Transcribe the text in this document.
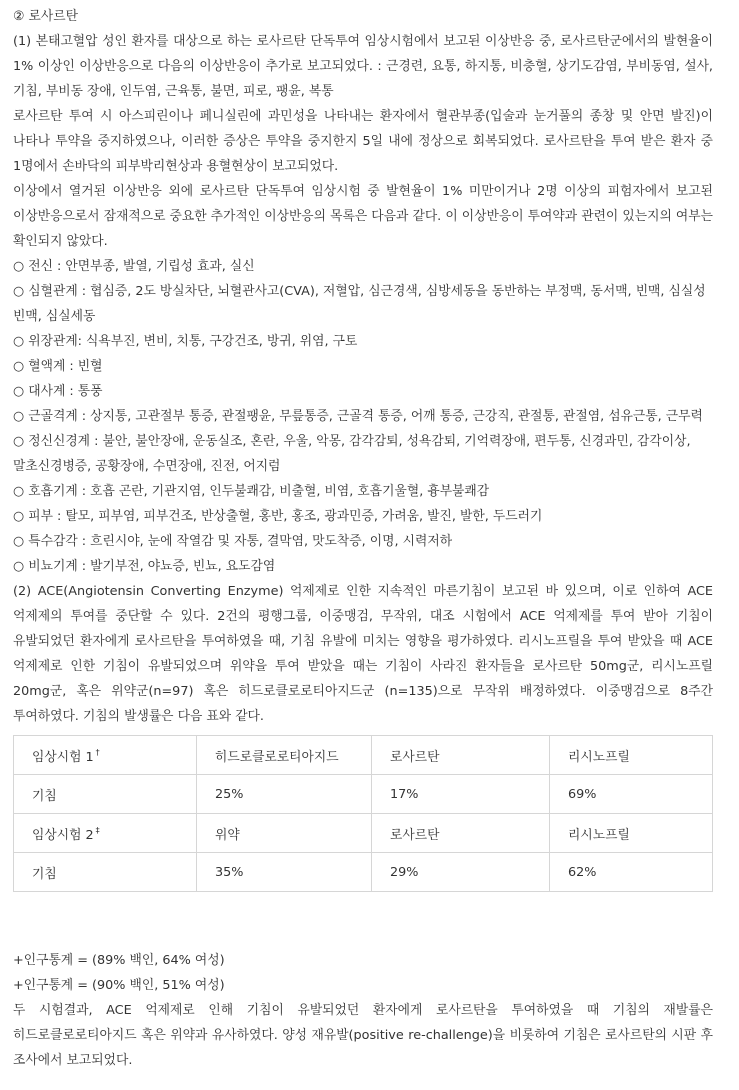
② 로사르탄

(1) 본태고혈압 성인 환자를 대상으로 하는 로사르탄 단독투여 임상시험에서 보고된 이상반응 중, 로사르탄군에서의 발현율이 1% 이상인 이상반응으로 다음의 이상반응이 추가로 보고되었다. : 근경련, 요통, 하지통, 비충혈, 상기도감염, 부비동염, 설사, 기침, 부비동 장애, 인두염, 근육통, 불면, 피로, 팽윤, 복통

로사르탄 투여 시 아스피린이나 페니실린에 과민성을 나타내는 환자에서 혈관부종(입술과 눈거풀의 종창 및 안면 발진)이 나타나 투약을 중지하였으나, 이러한 증상은 투약을 중지한지 5일 내에 정상으로 회복되었다. 로사르탄을 투여 받은 환자 중 1명에서 손바닥의 피부박리현상과 용혈현상이 보고되었다.

이상에서 열거된 이상반응 외에 로사르탄 단독투여 임상시험 중 발현율이 1% 미만이거나 2명 이상의 피험자에서 보고된 이상반응으로서 잠재적으로 중요한 추가적인 이상반응의 목록은 다음과 같다. 이 이상반응이 투여약과 관련이 있는지의 여부는 확인되지 않았다.

○ 전신 : 안면부종, 발열, 기립성 효과, 실신

○ 심혈관계 : 협심증, 2도 방실차단, 뇌혈관사고(CVA), 저혈압, 심근경색, 심방세동을 동반하는 부정맥, 동서맥, 빈맥, 심실성 빈맥, 심실세동

○ 위장관계: 식욕부진, 변비, 치통, 구강건조, 방귀, 위염, 구토

○ 혈액계 : 빈혈

○ 대사계 : 통풍

○ 근골격계 : 상지통, 고관절부 통증, 관절팽윤, 무릎통증, 근골격 통증, 어깨 통증, 근강직, 관절통, 관절염, 섬유근통, 근무력

○ 정신신경계 : 불안, 불안장애, 운동실조, 혼란, 우울, 악몽, 감각감퇴, 성욕감퇴, 기억력장애, 편두통, 신경과민, 감각이상, 말초신경병증, 공황장애, 수면장애, 진전, 어지럼

○ 호흡기계 : 호흡 곤란, 기관지염, 인두불쾌감, 비출혈, 비염, 호흡기울혈, 흉부불쾌감

○ 피부 : 탈모, 피부염, 피부건조, 반상출혈, 홍반, 홍조, 광과민증, 가려움, 발진, 발한, 두드러기

○ 특수감각 : 흐린시야, 눈에 작열감 및 자통, 결막염, 맛도착증, 이명, 시력저하

○ 비뇨기계 : 발기부전, 야뇨증, 빈뇨, 요도감염

(2) ACE(Angiotensin Converting Enzyme) 억제제로 인한 지속적인 마른기침이 보고된 바 있으며, 이로 인하여 ACE 억제제의 투여를 중단할 수 있다. 2건의 평행그룹, 이중맹검, 무작위, 대조 시험에서 ACE 억제제를 투여 받아 기침이 유발되었던 환자에게 로사르탄을 투여하였을 때, 기침 유발에 미치는 영향을 평가하였다. 리시노프릴을 투여 받았을 때 ACE 억제제로 인한 기침이 유발되었으며 위약을 투여 받았을 때는 기침이 사라진 환자들을 로사르탄 50mg군, 리시노프릴 20mg군, 혹은 위약군(n=97) 혹은 히드로클로로티아지드군 (n=135)으로 무작위 배정하였다. 이중맹검으로 8주간 투여하였다. 기침의 발생률은 다음 표와 같다.

임상시험 1 †	히드로클로로티아지드	로사르탄	리시노프릴
기침	25%	17%	69%
임상시험 2 ‡	위약	로사르탄	리시노프릴
기침	35%	29%	62%

+인구통계 = (89% 백인, 64% 여성)

+인구통계 = (90% 백인, 51% 여성)

두 시험결과, ACE 억제제로 인해 기침이 유발되었던 환자에게 로사르탄을 투여하였을 때 기침의 재발률은 히드로클로로티아지드 혹은 위약과 유사하였다. 양성 재유발(positive re-challenge)을 비롯하여 기침은 로사르탄의 시판 후 조사에서 보고되었다.
